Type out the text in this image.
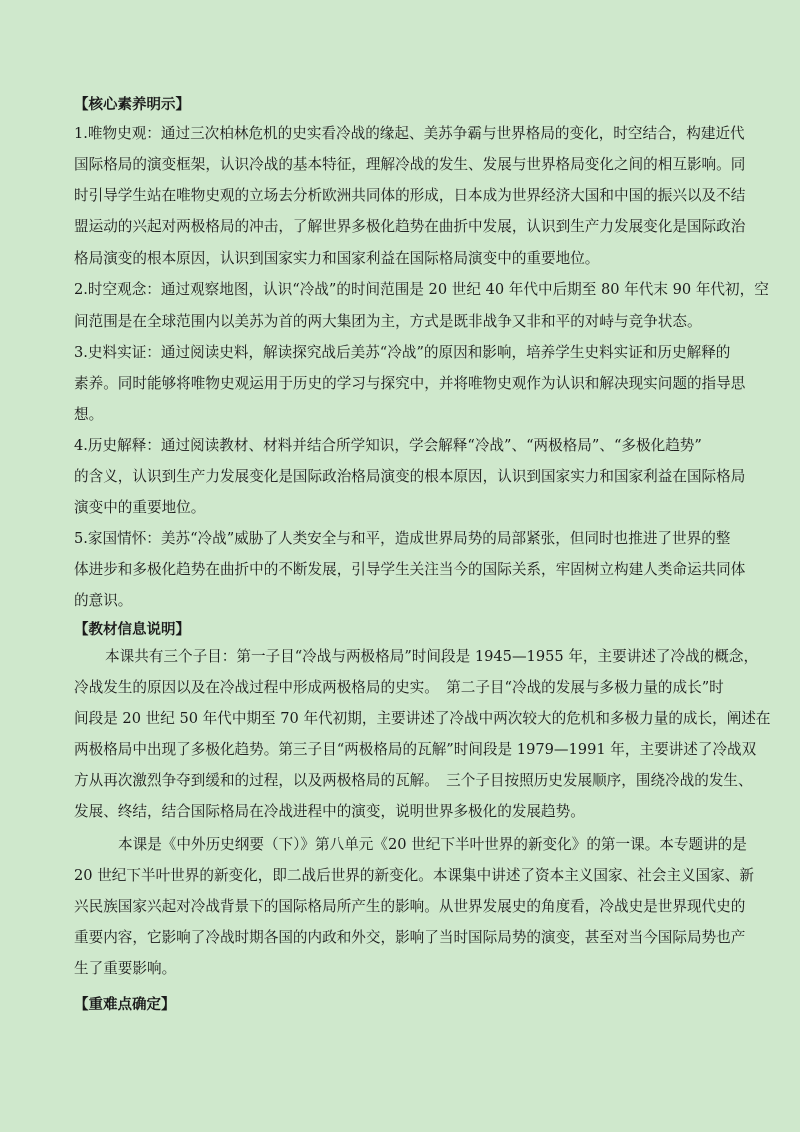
【核心素养明示】
1.唯物史观：通过三次柏林危机的史实看冷战的缘起、美苏争霸与世界格局的变化，时空结合，构建近代
国际格局的演变框架，认识冷战的基本特征，理解冷战的发生、发展与世界格局变化之间的相互影响。同
时引导学生站在唯物史观的立场去分析欧洲共同体的形成，日本成为世界经济大国和中国的振兴以及不结
盟运动的兴起对两极格局的冲击，了解世界多极化趋势在曲折中发展，认识到生产力发展变化是国际政治
格局演变的根本原因，认识到国家实力和国家利益在国际格局演变中的重要地位。
2.时空观念：通过观察地图，认识“冷战”的时间范围是 20 世纪 40 年代中后期至 80 年代末 90 年代初，空
间范围是在全球范围内以美苏为首的两大集团为主，方式是既非战争又非和平的对峙与竞争状态。
3.史料实证：通过阅读史料，解读探究战后美苏“冷战”的原因和影响，培养学生史料实证和历史解释的
素养。同时能够将唯物史观运用于历史的学习与探究中，并将唯物史观作为认识和解决现实问题的指导思
想。
4.历史解释：通过阅读教材、材料并结合所学知识，学会解释“冷战”、“两极格局”、“多极化趋势”
的含义，认识到生产力发展变化是国际政治格局演变的根本原因，认识到国家实力和国家利益在国际格局
演变中的重要地位。
5.家国情怀：美苏“冷战”威胁了人类安全与和平，造成世界局势的局部紧张，但同时也推进了世界的整
体进步和多极化趋势在曲折中的不断发展，引导学生关注当今的国际关系，牢固树立构建人类命运共同体
的意识。
【教材信息说明】
本课共有三个子目：第一子目“冷战与两极格局”时间段是 1945—1955 年，主要讲述了冷战的概念，
冷战发生的原因以及在冷战过程中形成两极格局的史实。　第二子目“冷战的发展与多极力量的成长”时
间段是 20 世纪 50 年代中期至 70 年代初期，主要讲述了冷战中两次较大的危机和多极力量的成长，阐述在
两极格局中出现了多极化趋势。第三子目“两极格局的瓦解”时间段是 1979—1991 年，主要讲述了冷战双
方从再次激烈争夺到缓和的过程，以及两极格局的瓦解。　三个子目按照历史发展顺序，围绕冷战的发生、
发展、终结，结合国际格局在冷战进程中的演变，说明世界多极化的发展趋势。
本课是《中外历史纲要（下）》第八单元《20 世纪下半叶世界的新变化》的第一课。本专题讲的是
20 世纪下半叶世界的新变化，即二战后世界的新变化。本课集中讲述了资本主义国家、社会主义国家、新
兴民族国家兴起对冷战背景下的国际格局所产生的影响。从世界发展史的角度看，冷战史是世界现代史的
重要内容，它影响了冷战时期各国的内政和外交，影响了当时国际局势的演变，甚至对当今国际局势也产
生了重要影响。
【重难点确定】
